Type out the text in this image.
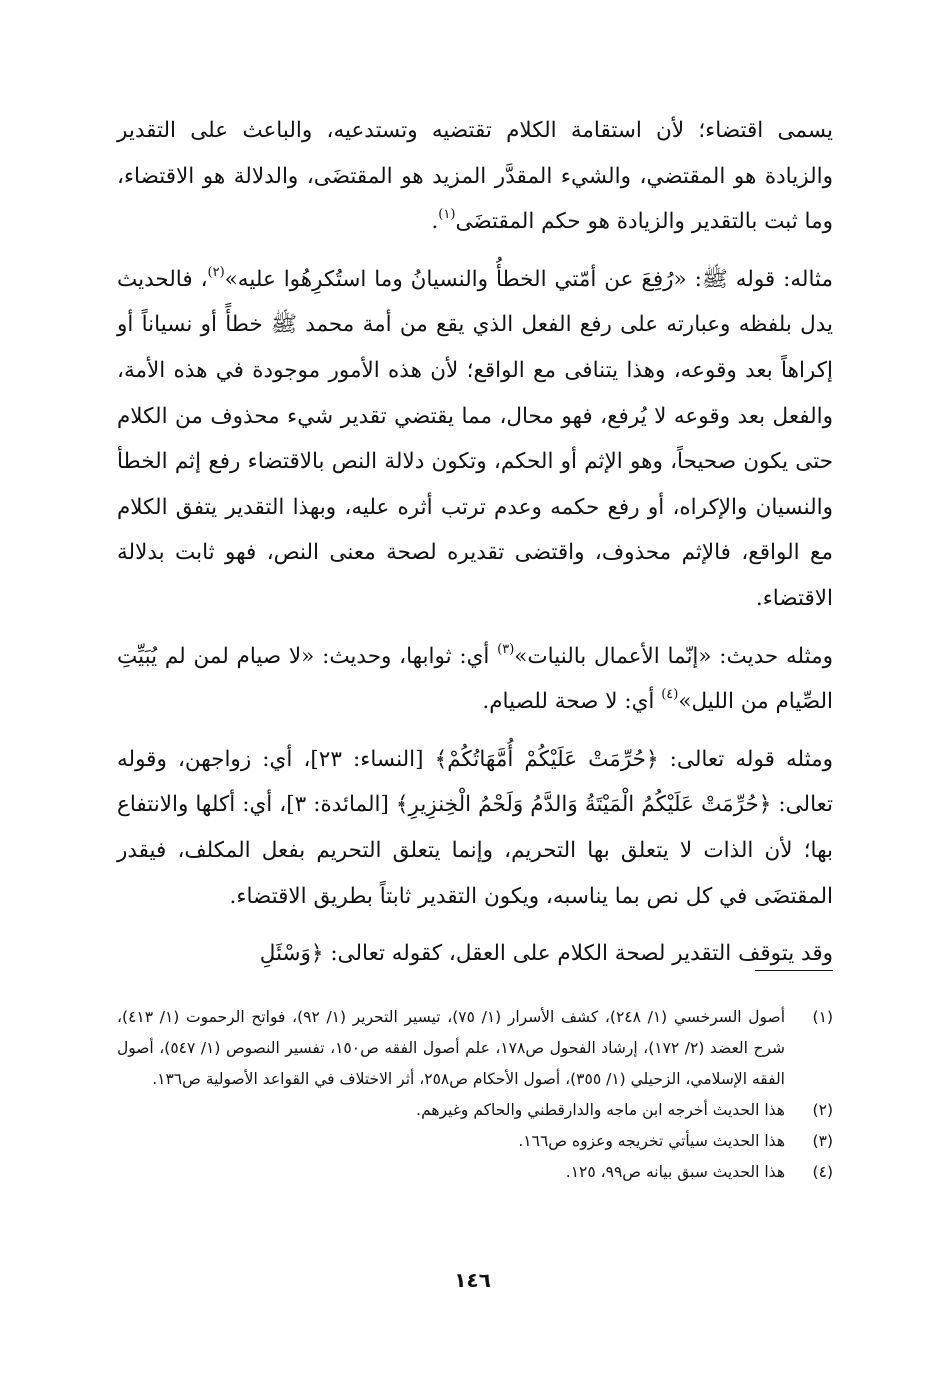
يسمى اقتضاء؛ لأن استقامة الكلام تقتضيه وتستدعيه، والباعث على التقدير والزيادة هو المقتضي، والشيء المقدَّر المزيد هو المقتضَى، والدلالة هو الاقتضاء، وما ثبت بالتقدير والزيادة هو حكم المقتضَى$^{(١)}$.

مثاله: قوله ﷺ: «رُفِعَ عن أمّتي الخطأُ والنسيانُ وما استُكرِهُوا عليه»$^{(٢)}$، فالحديث يدل بلفظه وعبارته على رفع الفعل الذي يقع من أمة محمد ﷺ خطأً أو نسياناً أو إكراهاً بعد وقوعه، وهذا يتنافى مع الواقع؛ لأن هذه الأمور موجودة في هذه الأمة، والفعل بعد وقوعه لا يُرفع، فهو محال، مما يقتضي تقدير شيء محذوف من الكلام حتى يكون صحيحاً، وهو الإثم أو الحكم، وتكون دلالة النص بالاقتضاء رفع إثم الخطأ والنسيان والإكراه، أو رفع حكمه وعدم ترتب أثره عليه، وبهذا التقدير يتفق الكلام مع الواقع، فالإثم محذوف، واقتضى تقديره لصحة معنى النص، فهو ثابت بدلالة الاقتضاء.

ومثله حديث: «إنّما الأعمال بالنيات»$^{(٣)}$ أي: ثوابها، وحديث: «لا صيام لمن لم يُبَيِّتِ الصِّيام من الليل»$^{(٤)}$ أي: لا صحة للصيام.

ومثله قوله تعالى: ﴿حُرِّمَتْ عَلَيْكُمْ أُمَّهَاتُكُمْ﴾ [النساء: ٢٣]، أي: زواجهن، وقوله تعالى: ﴿حُرِّمَتْ عَلَيْكُمُ الْمَيْتَةُ وَالدَّمُ وَلَحْمُ الْخِنزِيرِ﴾ [المائدة: ٣]، أي: أكلها والانتفاع بها؛ لأن الذات لا يتعلق بها التحريم، وإنما يتعلق التحريم بفعل المكلف، فيقدر المقتضَى في كل نص بما يناسبه، ويكون التقدير ثابتاً بطريق الاقتضاء.

وقد يتوقف التقدير لصحة الكلام على العقل، كقوله تعالى: ﴿وَسْئَلِ

(١)
أصول السرخسي (١/ ٢٤٨)، كشف الأسرار (١/ ٧٥)، تيسير التحرير (١/ ٩٢)، فواتح الرحموت (١/ ٤١٣)، شرح العضد (٢/ ١٧٢)، إرشاد الفحول ص١٧٨، علم أصول الفقه ص١٥٠، تفسير النصوص (١/ ٥٤٧)، أصول الفقه الإسلامي، الزحيلي (١/ ٣٥٥)، أصول الأحكام ص٢٥٨، أثر الاختلاف في القواعد الأصولية ص١٣٦.
(٢)
هذا الحديث أخرجه ابن ماجه والدارقطني والحاكم وغيرهم.
(٣)
هذا الحديث سيأتي تخريجه وعزوه ص١٦٦.
(٤)
هذا الحديث سبق بيانه ص٩٩، ١٢٥.
١٤٦
